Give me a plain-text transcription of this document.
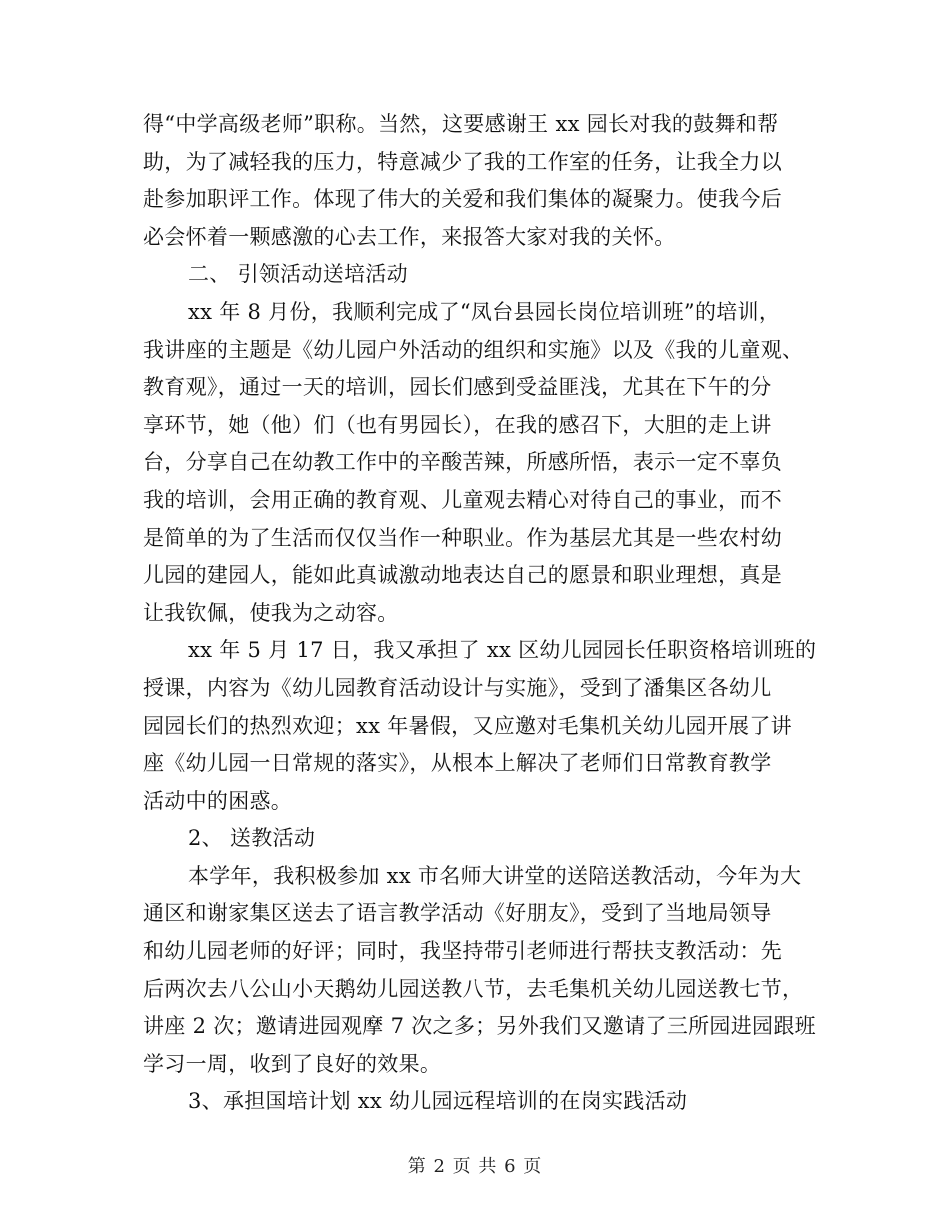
得“中学高级老师”职称。当然，这要感谢王 xx 园长对我的鼓舞和帮
助，为了减轻我的压力，特意减少了我的工作室的任务，让我全力以
赴参加职评工作。体现了伟大的关爱和我们集体的凝聚力。使我今后
必会怀着一颗感激的心去工作，来报答大家对我的关怀。
二、 引领活动送培活动
xx 年 8 月份，我顺利完成了“凤台县园长岗位培训班”的培训，
我讲座的主题是《幼儿园户外活动的组织和实施》以及《我的儿童观、
教育观》，通过一天的培训，园长们感到受益匪浅，尤其在下午的分
享环节，她（他）们（也有男园长），在我的感召下，大胆的走上讲
台，分享自己在幼教工作中的辛酸苦辣，所感所悟，表示一定不辜负
我的培训，会用正确的教育观、儿童观去精心对待自己的事业，而不
是简单的为了生活而仅仅当作一种职业。作为基层尤其是一些农村幼
儿园的建园人，能如此真诚激动地表达自己的愿景和职业理想，真是
让我钦佩，使我为之动容。
xx 年 5 月 17 日，我又承担了 xx 区幼儿园园长任职资格培训班的
授课，内容为《幼儿园教育活动设计与实施》，受到了潘集区各幼儿
园园长们的热烈欢迎；xx 年暑假，又应邀对毛集机关幼儿园开展了讲
座《幼儿园一日常规的落实》，从根本上解决了老师们日常教育教学
活动中的困惑。
2、 送教活动
本学年，我积极参加 xx 市名师大讲堂的送陪送教活动，今年为大
通区和谢家集区送去了语言教学活动《好朋友》，受到了当地局领导
和幼儿园老师的好评；同时，我坚持带引老师进行帮扶支教活动：先
后两次去八公山小天鹅幼儿园送教八节，去毛集机关幼儿园送教七节，
讲座 2 次；邀请进园观摩 7 次之多；另外我们又邀请了三所园进园跟班
学习一周，收到了良好的效果。
3、承担国培计划 xx 幼儿园远程培训的在岗实践活动
第 2 页 共 6 页
